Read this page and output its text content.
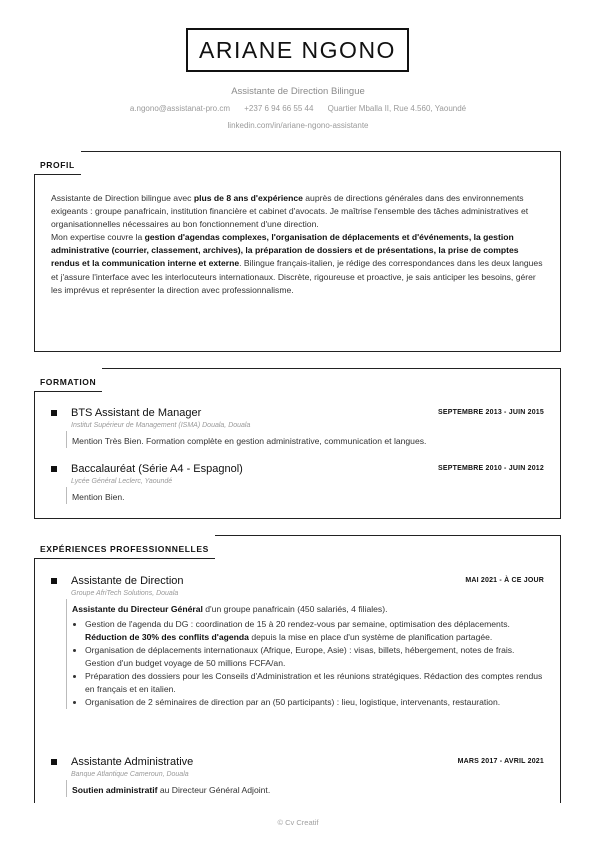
ARIANE NGONO
Assistante de Direction Bilingue
a.ngono@assistanat-pro.cm +237 6 94 66 55 44 Quartier Mballa II, Rue 4.560, Yaoundé
linkedin.com/in/ariane-ngono-assistante
PROFIL

Assistante de Direction bilingue avec plus de 8 ans d'expérience auprès de directions générales dans des environnements exigeants : groupe panafricain, institution financière et cabinet d'avocats. Je maîtrise l'ensemble des tâches administratives et organisationnelles nécessaires au bon fonctionnement d'une direction.

Mon expertise couvre la gestion d'agendas complexes, l'organisation de déplacements et d'événements, la gestion administrative (courrier, classement, archives), la préparation de dossiers et de présentations, la prise de comptes rendus et la communication interne et externe. Bilingue français-italien, je rédige des correspondances dans les deux langues et j'assure l'interface avec les interlocuteurs internationaux. Discrète, rigoureuse et proactive, je sais anticiper les besoins, gérer les imprévus et représenter la direction avec professionnalisme.

FORMATION
BTS Assistant de Manager	SEPTEMBRE 2013 - JUIN 2015
Institut Supérieur de Management (ISMA) Douala, Douala
Mention Très Bien. Formation complète en gestion administrative, communication et langues.
Baccalauréat (Série A4 - Espagnol)	SEPTEMBRE 2010 - JUIN 2012
Lycée Général Leclerc, Yaoundé
Mention Bien.
EXPÉRIENCES PROFESSIONNELLES
Assistante de Direction	MAI 2021 - À CE JOUR
Groupe AfriTech Solutions, Douala
Assistante du Directeur Général d'un groupe panafricain (450 salariés, 4 filiales).
• Gestion de l'agenda du DG : coordination de 15 à 20 rendez-vous par semaine, optimisation des déplacements. Réduction de 30% des conflits d'agenda depuis la mise en place d'un système de planification partagée.
• Organisation de déplacements internationaux (Afrique, Europe, Asie) : visas, billets, hébergement, notes de frais. Gestion d'un budget voyage de 50 millions FCFA/an.
• Préparation des dossiers pour les Conseils d'Administration et les réunions stratégiques. Rédaction des comptes rendus en français et en italien.
• Organisation de 2 séminaires de direction par an (50 participants) : lieu, logistique, intervenants, restauration.
Assistante Administrative	MARS 2017 - AVRIL 2021
Banque Atlantique Cameroun, Douala
Soutien administratif au Directeur Général Adjoint.
© Cv Creatif
